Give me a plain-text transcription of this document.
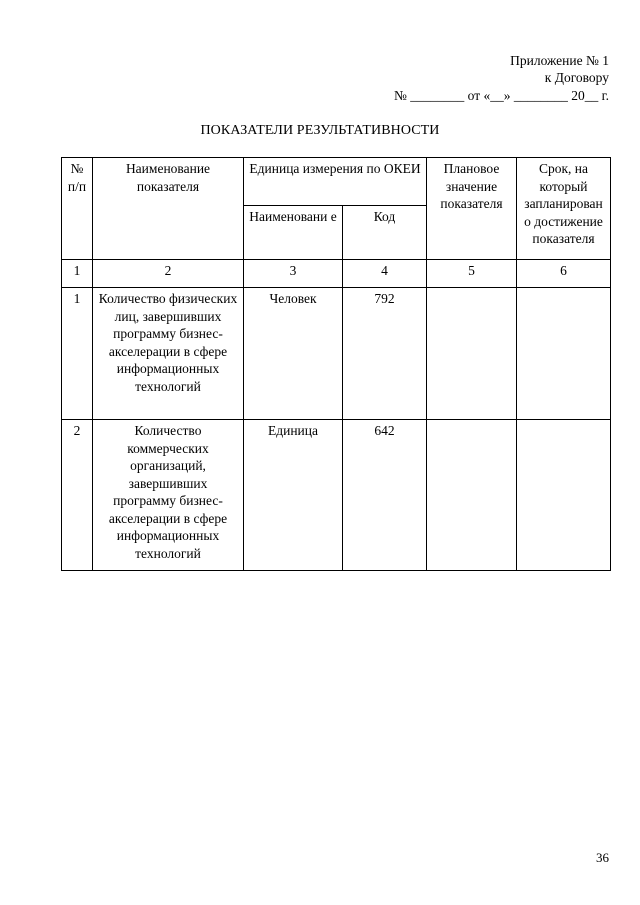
Приложение № 1
к Договору
№ ________ от «__» ________ 20__ г.
ПОКАЗАТЕЛИ РЕЗУЛЬТАТИВНОСТИ
№ п/п	Наименование показателя	Единица измерения по ОКЕИ		Плановое значение показателя	Срок, на который запланирован о достижение показателя
		Наименовани е	Код		
1	2	3	4	5	6
1	Количество физических лиц, завершивших программу бизнес-акселерации в сфере информационных технологий	Человек	792		
2	Количество коммерческих организаций, завершивших программу бизнес-акселерации в сфере информационных технологий	Единица	642		
36
